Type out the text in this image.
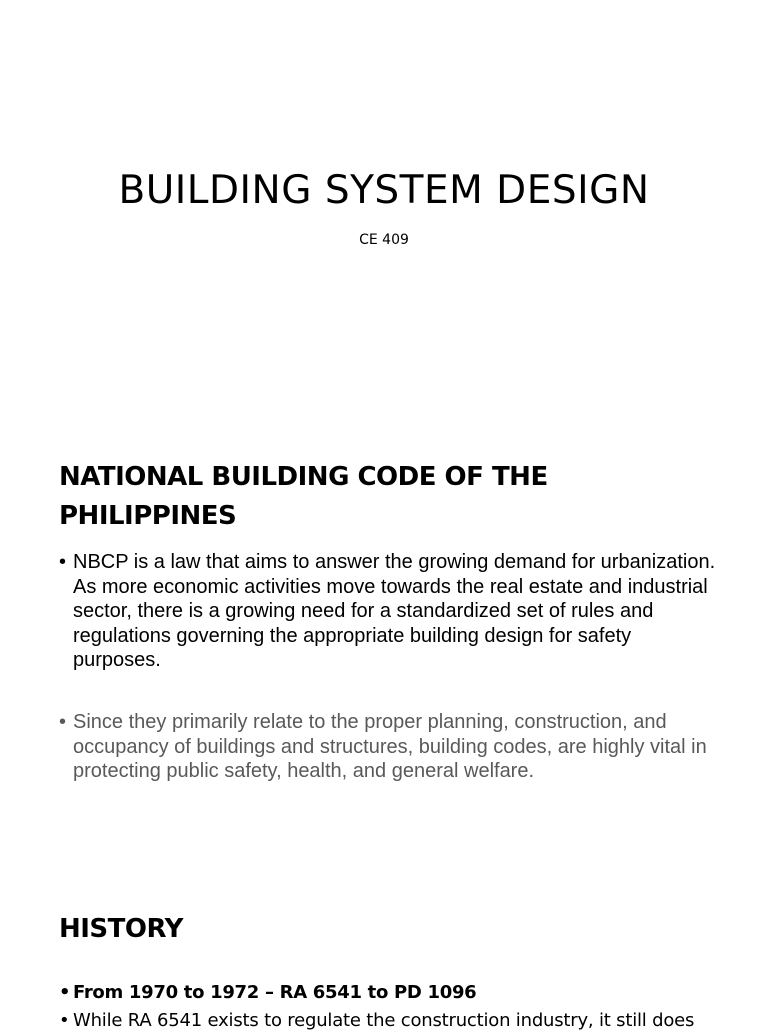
BUILDING SYSTEM DESIGN

CE 409

NATIONAL BUILDING CODE OF THE PHILIPPINES
• NBCP is a law that aims to answer the growing demand for urbanization. As more economic activities move towards the real estate and industrial sector, there is a growing need for a standardized set of rules and regulations governing the appropriate building design for safety purposes.
• Since they primarily relate to the proper planning, construction, and occupancy of buildings and structures, building codes, are highly vital in protecting public safety, health, and general welfare.
HISTORY
• From 1970 to 1972 – RA 6541 to PD 1096
• While RA 6541 exists to regulate the construction industry, it still does
